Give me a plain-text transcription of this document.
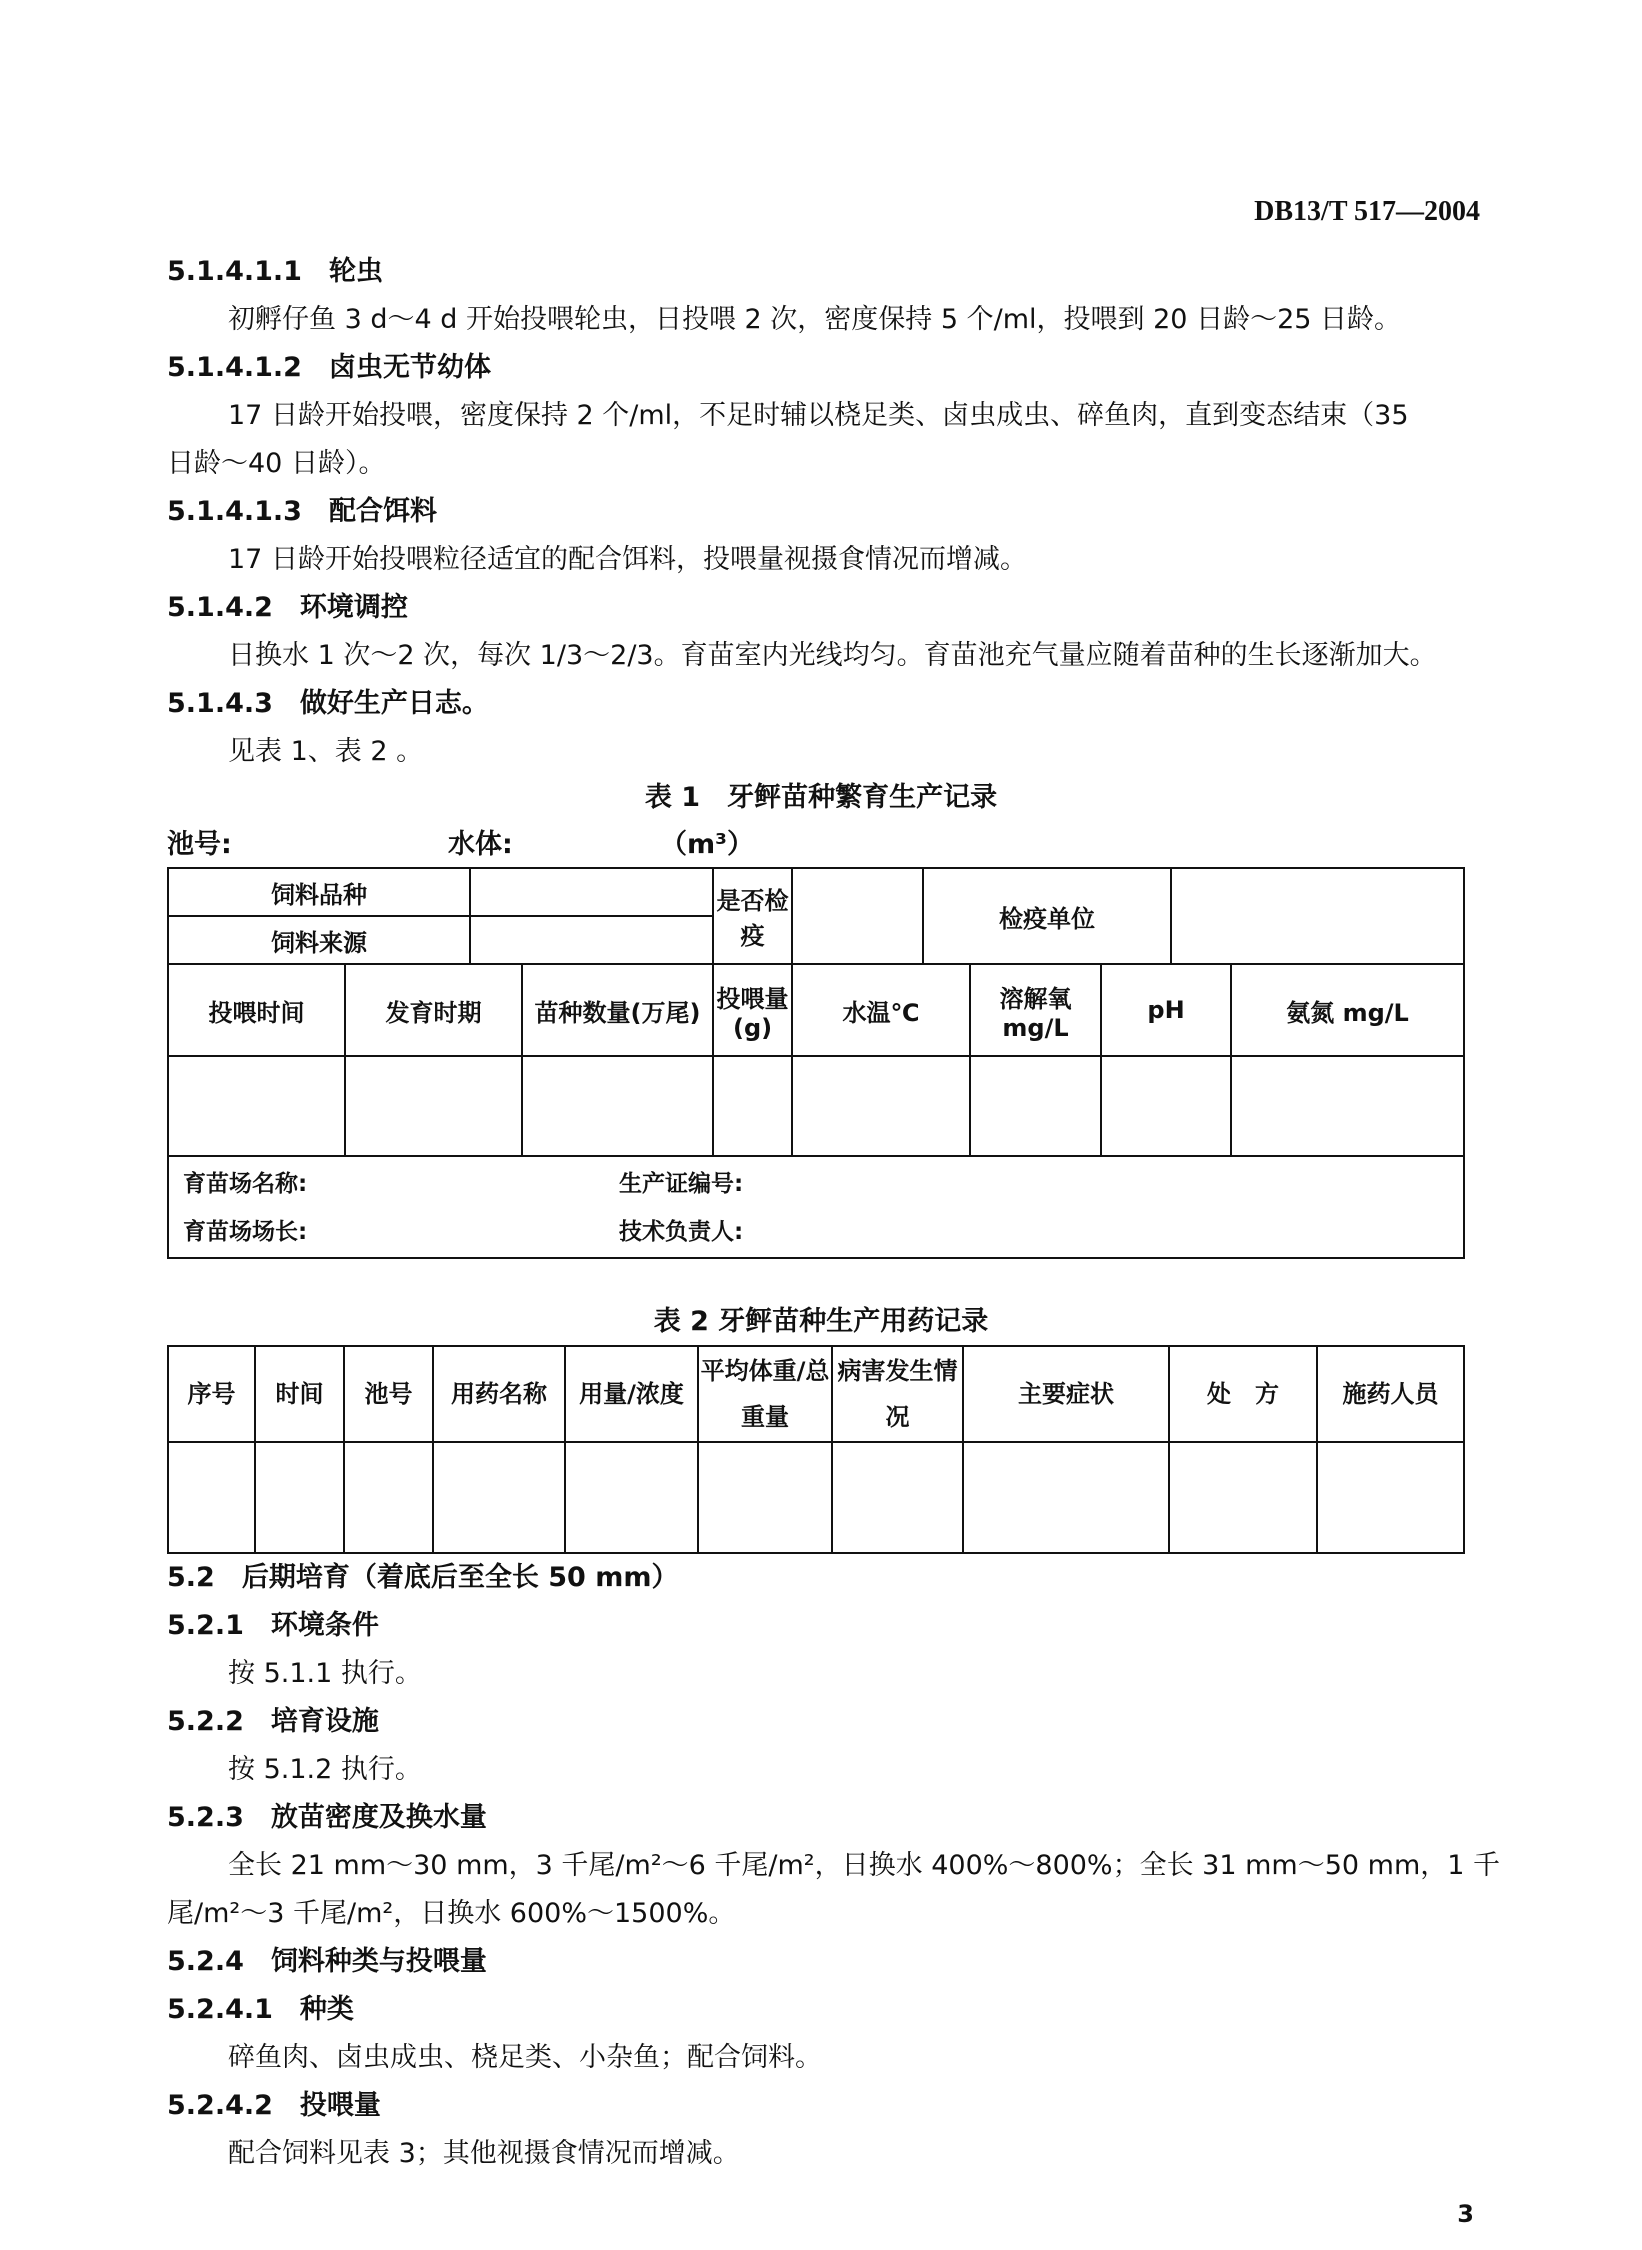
DB13/T 517—2004
5.1.4.1.1　轮虫
初孵仔鱼 3 d～4 d 开始投喂轮虫，日投喂 2 次，密度保持 5 个/ml，投喂到 20 日龄～25 日龄。
5.1.4.1.2　卤虫无节幼体
17 日龄开始投喂，密度保持 2 个/ml，不足时辅以桡足类、卤虫成虫、碎鱼肉，直到变态结束（35
日龄～40 日龄）。
5.1.4.1.3　配合饵料
17 日龄开始投喂粒径适宜的配合饵料，投喂量视摄食情况而增减。
5.1.4.2　环境调控
日换水 1 次～2 次，每次 1/3～2/3。育苗室内光线均匀。育苗池充气量应随着苗种的生长逐渐加大。
5.1.4.3　做好生产日志。
见表 1、表 2 。
表 1　牙鲆苗种繁育生产记录
池号:	水体:	（m³）
饲料品种				是否检疫		检疫单位				
饲料来源										
投喂时间	发育时期		苗种数量(万尾)	投喂量(g)	水温℃		溶解氧 mg/L	pH		氨氮 mg/L

育苗场名称: 生产证编号:
育苗场场长: 技术负责人:										
表 2 牙鲆苗种生产用药记录
序号	时间	池号	用药名称	用量/浓度	平均体重/总重量	病害发生情况	主要症状	处　方	施药人员

5.2　后期培育（着底后至全长 50 mm）
5.2.1　环境条件
按 5.1.1 执行。
5.2.2　培育设施
按 5.1.2 执行。
5.2.3　放苗密度及换水量
全长 21 mm～30 mm，3 千尾/m²～6 千尾/m²，日换水 400%～800%；全长 31 mm～50 mm，1 千
尾/m²～3 千尾/m²，日换水 600%～1500%。
5.2.4　饲料种类与投喂量
5.2.4.1　种类
碎鱼肉、卤虫成虫、桡足类、小杂鱼；配合饲料。
5.2.4.2　投喂量
配合饲料见表 3；其他视摄食情况而增减。
3
